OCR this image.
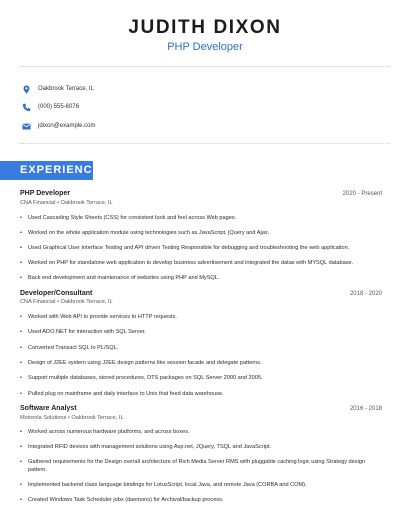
JUDITH DIXON
PHP Developer
Oakbrook Terrace, IL
(000) 555-6076
jdixon@example.com
EXPERIENCE
PHP Developer	2020 - Present
CNA Financial • Oakbrook Terrace, IL
•	Used Cascading Style Sheets (CSS) for consistent look and feel across Web pages.
•	Worked on the whole application module using technologies such as JavaScript, jQuery and Ajax.
•	Used Graphical User Interface Testing and API driven Testing Responsible for debugging and troubleshooting the web application.
•	Worked on PHP for standalone web application to develop business advertisement and integrated the datas with MYSQL database.
•	Back end development and maintenance of websites using PHP and MySQL.
Developer/Consultant	2018 - 2020
CNA Financial • Oakbrook Terrace, IL
•	Worked with Web API to provide services to HTTP requests.
•	Used ADO.NET for interaction with SQL Server.
•	Converted Transact SQL to PL/SQL.
•	Design of J2EE system using J2EE design patterns like session facade and delegate patterns.
•	Support multiple databases, stored procedures, DTS packages on SQL Server 2000 and 2005.
•	Pulled plug on mainframe and daily interface to Unix that feed data warehouse.
Software Analyst	2016 - 2018
Motorola Solutions • Oakbrook Terrace, IL
•	Worked across numerous hardware platforms, and across boxes.
•	Integrated RFID devices with management solutions using Asp.net, JQuery, TSQL and JavaScript.
•	Gathered requirements for the Design overall architecture of Rich Media Server RMS with pluggable caching logic using Strategy design pattern.
•	Implemented backend class language bindings for LotusScript, local Java, and remote Java (CORBA and COM).
•	Created Windows Task Scheduler jobs (daemons) for Archival/backup process.
